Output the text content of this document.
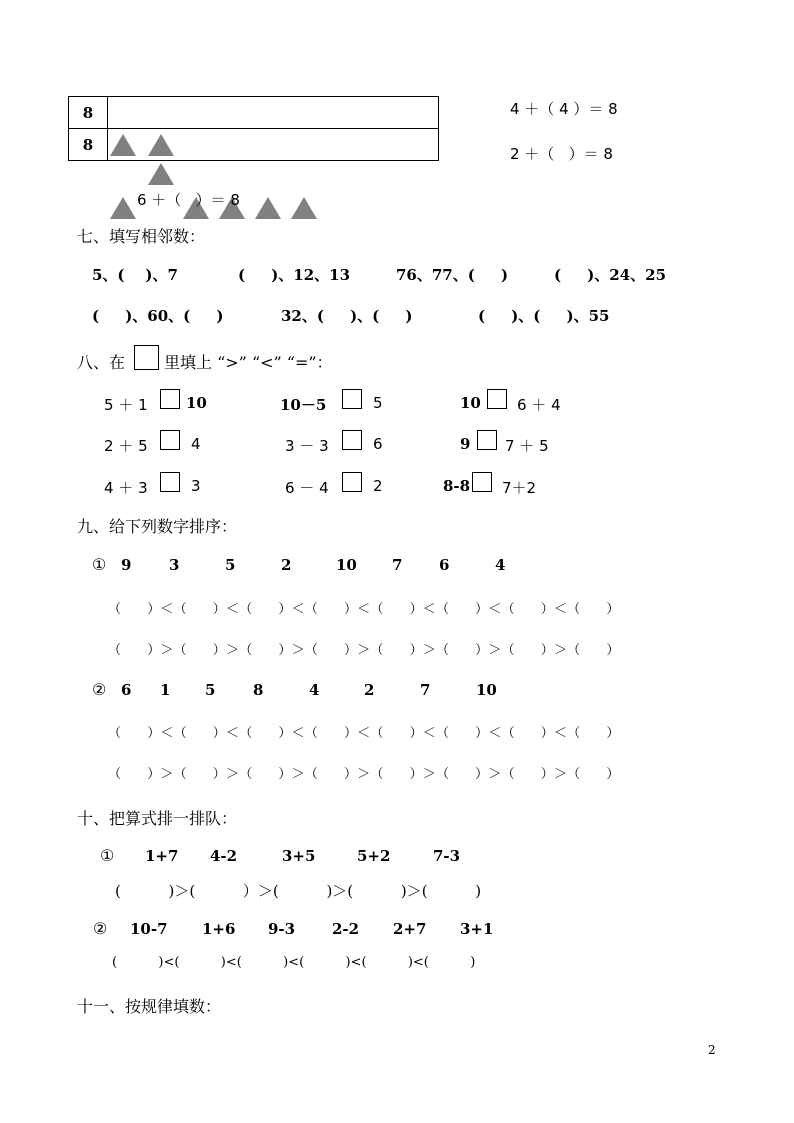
8	
8	
6 ＋（   ）＝ 8
4 ＋（ 4 ）＝ 8
2 ＋（   ）＝ 8
七、填写相邻数：
5、(    )、7	(     )、12、13	76、77、(     )	(     )、24、25
(     )、60、(     )	32、(     )、(     )	(     )、(     )、55
八、在 里填上 “>” “<” “=”：
5 ＋ 1	10	10－5	5	10 6 ＋ 4
2 ＋ 5	4	3 － 3	6	9 7 ＋ 5
4 ＋ 3	3	6 － 4	2	8-8 7＋2
九、给下列数字排序：
① 9	3	5	2	10 7 6	4
（      ）＜（      ）＜（      ）＜（      ）＜（      ）＜（      ）＜（      ）＜（      ）
（      ）＞（      ）＞（      ）＞（      ）＞（      ）＞（      ）＞（      ）＞（      ）
② 6 1 5	8	4	2	7	10
（      ）＜（      ）＜（      ）＜（      ）＜（      ）＜（      ）＜（      ）＜（      ）
（      ）＞（      ）＞（      ）＞（      ）＞（      ）＞（      ）＞（      ）＞（      ）
十、把算式排一排队：
① 1+7 4-2	3+5	5+2	7-3
(          )＞(          ）＞(          )＞(          )＞(          )
② 10-7 1+6 9-3 2-2 2+7 3+1
(          )<(          )<(          )<(          )<(          )<(          )
十一、按规律填数：
2
